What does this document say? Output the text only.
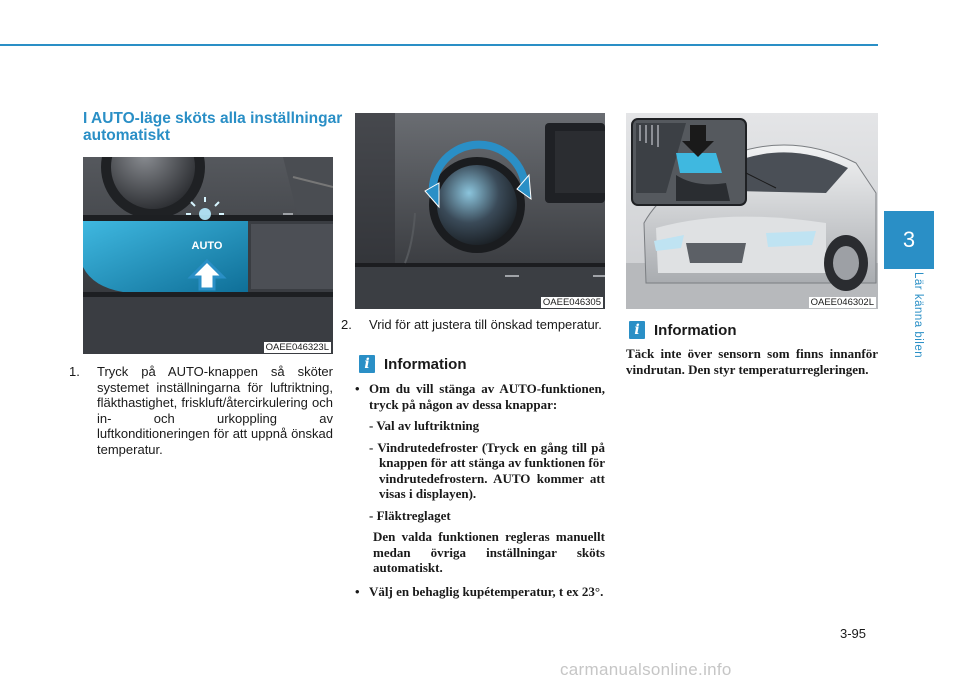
I AUTO-läge sköts alla inställningar automatiskt
AUTO
OAEE046323L
1. Tryck på AUTO-knappen så sköter systemet inställningarna för luftriktning, fläkthastighet, friskluft/återcirkulering och in- och urkoppling av luftkonditioneringen för att uppnå önskad temperatur.
OAEE046305
2. Vrid för att justera till önskad temperatur.
i Information
• Om du vill stänga av AUTO-funktionen, tryck på någon av dessa knappar:
- Val av luftriktning
- Vindrutedefroster (Tryck en gång till på knappen för att stänga av funktionen för vindrutedefrostern. AUTO kommer att visas i displayen).
- Fläktreglaget
Den valda funktionen regleras manuellt medan övriga inställningar sköts automatiskt.
• Välj en behaglig kupétemperatur, t ex 23°.
OAEE046302L
i Information
Täck inte över sensorn som finns innanför vindrutan. Den styr temperaturregleringen.
3
Lär känna bilen
3-95
carmanualsonline.info
